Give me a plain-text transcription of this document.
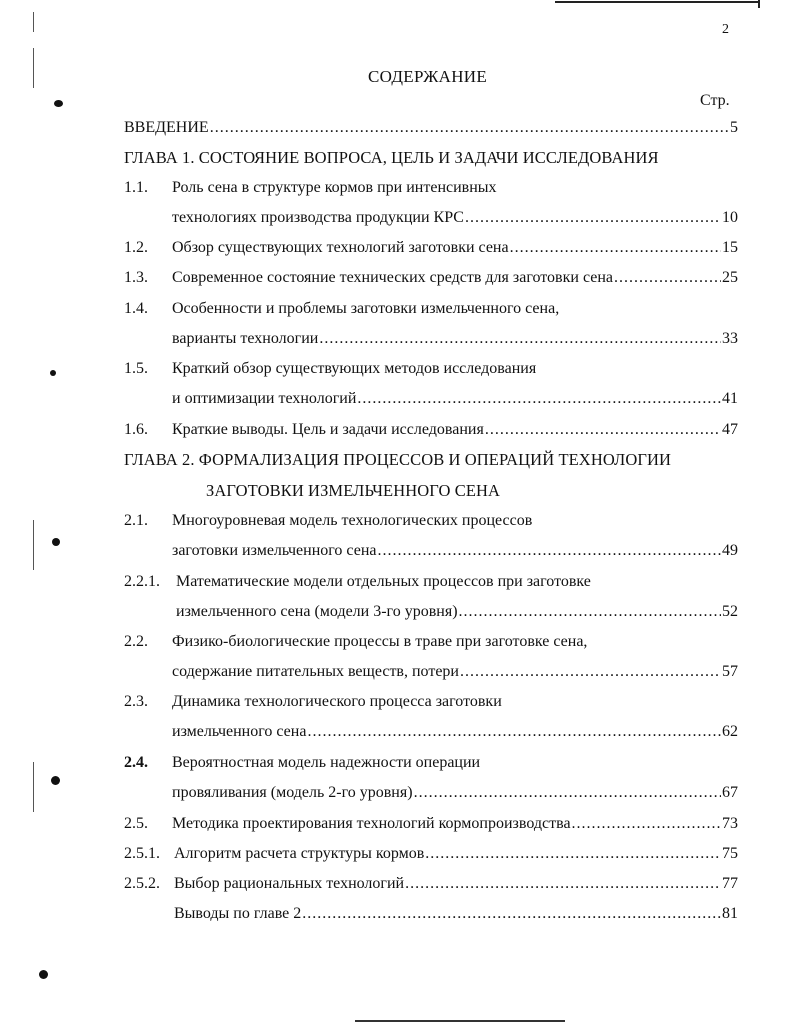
2
СОДЕРЖАНИЕ
Стр.
ВВЕДЕНИЕ .....	5
ГЛАВА 1. СОСТОЯНИЕ ВОПРОСА, ЦЕЛЬ И ЗАДАЧИ ИССЛЕДОВАНИЯ
1.1. Роль сена в структуре кормов при интенсивных
технологиях производства продукции КРС .....	10
1.2. Обзор существующих технологий заготовки сена .....	15
1.3. Современное состояние технических средств для заготовки сена .....	25
1.4. Особенности и проблемы заготовки измельченного сена,
варианты технологии .....	33
1.5. Краткий обзор существующих методов исследования
и оптимизации технологий .....	41
1.6. Краткие выводы. Цель и задачи исследования .....	47
ГЛАВА 2. ФОРМАЛИЗАЦИЯ ПРОЦЕССОВ И ОПЕРАЦИЙ ТЕХНОЛОГИИ
ЗАГОТОВКИ ИЗМЕЛЬЧЕННОГО СЕНА
2.1. Многоуровневая модель технологических процессов
заготовки измельченного сена .....	49
2.2.1. Математические модели отдельных процессов при заготовке
измельченного сена (модели 3-го уровня) .....	52
2.2. Физико-биологические процессы в траве при заготовке сена,
содержание питательных веществ, потери .....	57
2.3. Динамика технологического процесса заготовки
измельченного сена .....	62
2.4. Вероятностная модель надежности операции
провяливания (модель 2-го уровня) .....	67
2.5. Методика проектирования технологий кормопроизводства .....	73
2.5.1. Алгоритм расчета структуры кормов .....	75
2.5.2. Выбор рациональных технологий .....	77
Выводы по главе 2 .....	81
